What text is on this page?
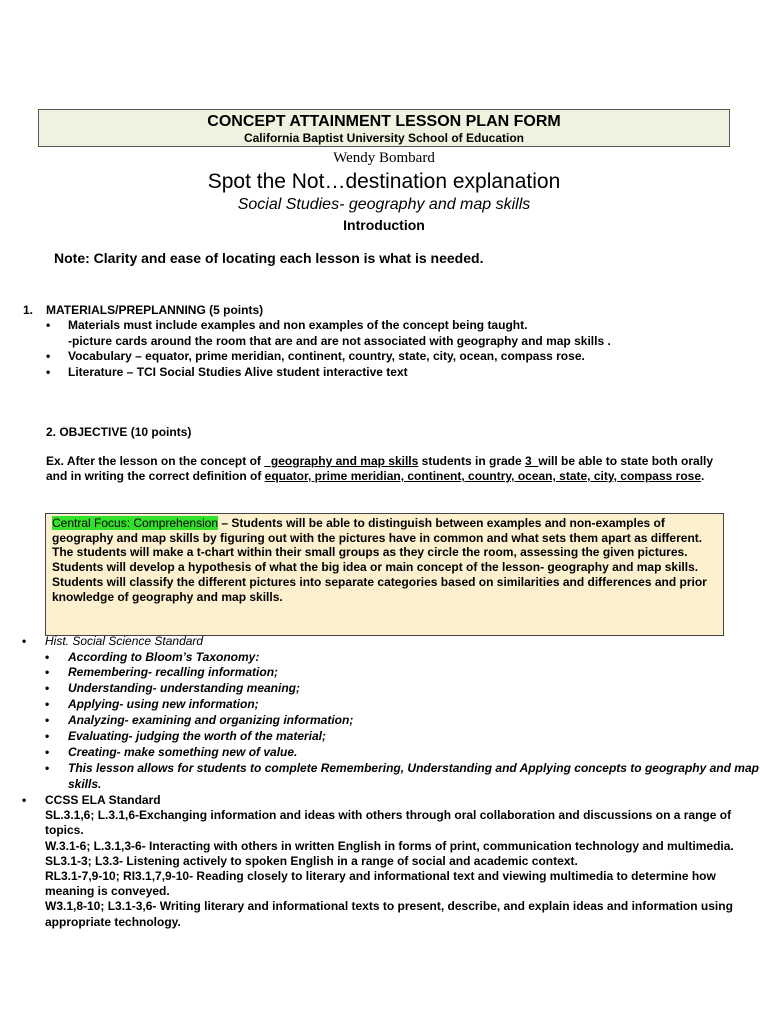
CONCEPT ATTAINMENT LESSON PLAN FORM
California Baptist University School of Education
Wendy Bombard
Spot the Not…destination explanation
Social Studies- geography and map skills
Introduction
Note: Clarity and ease of locating each lesson is what is needed.
1. MATERIALS/PREPLANNING (5 points)
• Materials must include examples and non examples of the concept being taught.
-picture cards around the room that are and are not associated with geography and map skills .
• Vocabulary – equator, prime meridian, continent, country, state, city, ocean, compass rose.
• Literature – TCI Social Studies Alive student interactive text
2. OBJECTIVE (10 points)
Ex. After the lesson on the concept of _geography and map skills students in grade 3_will be able to state both orally and in writing the correct definition of equator, prime meridian, continent, country, ocean, state, city, compass rose.

Central Focus: Comprehension – Students will be able to distinguish between examples and non-examples of geography and map skills by figuring out with the pictures have in common and what sets them apart as different. The students will make a t-chart within their small groups as they circle the room, assessing the given pictures. Students will develop a hypothesis of what the big idea or main concept of the lesson- geography and map skills. Students will classify the different pictures into separate categories based on similarities and differences and prior knowledge of geography and map skills.

• Hist. Social Science Standard
• According to Bloom’s Taxonomy:
• Remembering- recalling information;
• Understanding- understanding meaning;
• Applying- using new information;
• Analyzing- examining and organizing information;
• Evaluating- judging the worth of the material;
• Creating- make something new of value.
• This lesson allows for students to complete Remembering, Understanding and Applying concepts to geography and map skills.
• CCSS ELA Standard
SL.3.1,6; L.3.1,6-Exchanging information and ideas with others through oral collaboration and discussions on a range of topics.
W.3.1-6; L.3.1,3-6- Interacting with others in written English in forms of print, communication technology and multimedia.
SL3.1-3; L3.3- Listening actively to spoken English in a range of social and academic context.
RL3.1-7,9-10; RI3.1,7,9-10- Reading closely to literary and informational text and viewing multimedia to determine how meaning is conveyed.
W3.1,8-10; L3.1-3,6- Writing literary and informational texts to present, describe, and explain ideas and information using appropriate technology.
